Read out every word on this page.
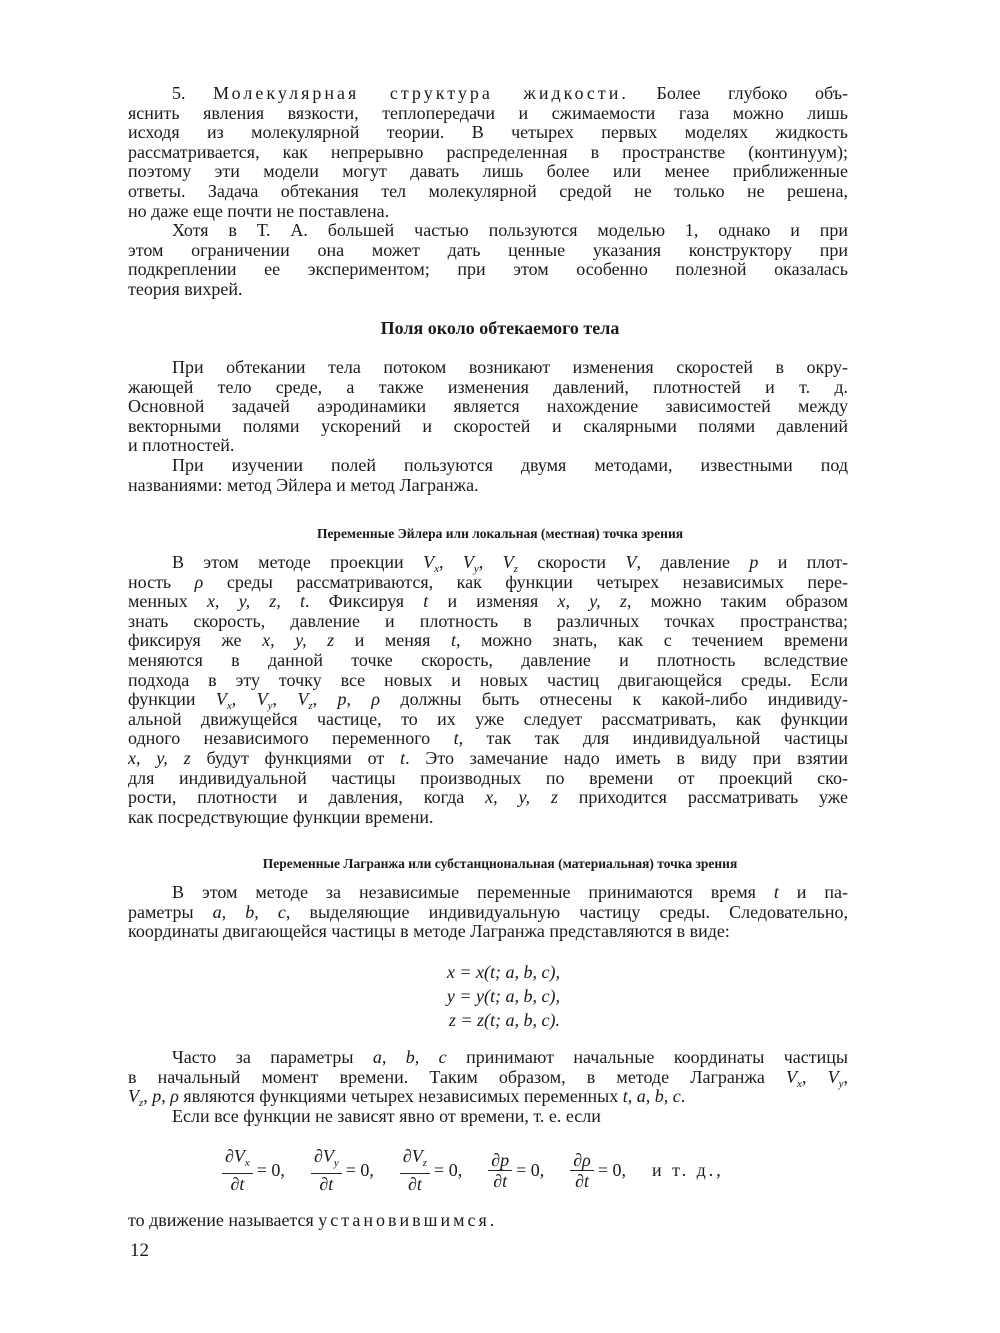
5. Молекулярная структура жидкости. Более глубоко объ-
яснить явления вязкости, теплопередачи и сжимаемости газа можно лишь
исходя из молекулярной теории. В четырех первых моделях жидкость
рассматривается, как непрерывно распределенная в пространстве (континуум);
поэтому эти модели могут давать лишь более или менее приближенные
ответы. Задача обтекания тел молекулярной средой не только не решена,
но даже еще почти не поставлена.
Хотя в Т. А. большей частью пользуются моделью 1, однако и при
этом ограничении она может дать ценные указания конструктору при
подкреплении ее экспериментом; при этом особенно полезной оказалась
теория вихрей.
Поля около обтекаемого тела
При обтекании тела потоком возникают изменения скоростей в окру-
жающей тело среде, а также изменения давлений, плотностей и т. д.
Основной задачей аэродинамики является нахождение зависимостей между
векторными полями ускорений и скоростей и скалярными полями давлений
и плотностей.
При изучении полей пользуются двумя методами, известными под
названиями: метод Эйлера и метод Лагранжа.
Переменные Эйлера или локальная (местная) точка зрения
В этом методе проекции $V_x$, $V_y$, $V_z$ скорости V, давление p и плот-
ность ρ среды рассматриваются, как функции четырех независимых пере-
менных x, y, z, t. Фиксируя t и изменяя x, y, z, можно таким образом
знать скорость, давление и плотность в различных точках пространства;
фиксируя же x, y, z и меняя t, можно знать, как с течением времени
меняются в данной точке скорость, давление и плотность вследствие
подхода в эту точку все новых и новых частиц двигающейся среды. Если
функции $V_x$, $V_y$, $V_z$, p, ρ должны быть отнесены к какой-либо индивиду-
альной движущейся частице, то их уже следует рассматривать, как функции
одного независимого переменного t, так так для индивидуальной частицы
x, y, z будут функциями от t. Это замечание надо иметь в виду при взятии
для индивидуальной частицы производных по времени от проекций ско-
рости, плотности и давления, когда x, y, z приходится рассматривать уже
как посредствующие функции времени.
Переменные Лагранжа или субстанциональная (материальная) точка зрения
В этом методе за независимые переменные принимаются время t и па-
раметры a, b, c, выделяющие индивидуальную частицу среды. Следовательно,
координаты двигающейся частицы в методе Лагранжа представляются в виде:
x = x(t; a, b, c),
y = y(t; a, b, c),
z = z(t; a, b, c).
Часто за параметры a, b, c принимают начальные координаты частицы
в начальный момент времени. Таким образом, в методе Лагранжа $V_x$, $V_y$,
$V_z$, p, ρ являются функциями четырех независимых переменных t, a, b, c.
Если все функции не зависят явно от времени, т. е. если
$\frac{\partial V_x}{\partial t} = 0$, $\frac{\partial V_y}{\partial t} = 0$, $\frac{\partial V_z}{\partial t} = 0$, $\frac{\partial p}{\partial t} = 0$, $\frac{\partial\rho}{\partial t} = 0$, и т. д.,
то движение называется установившимся.
12
